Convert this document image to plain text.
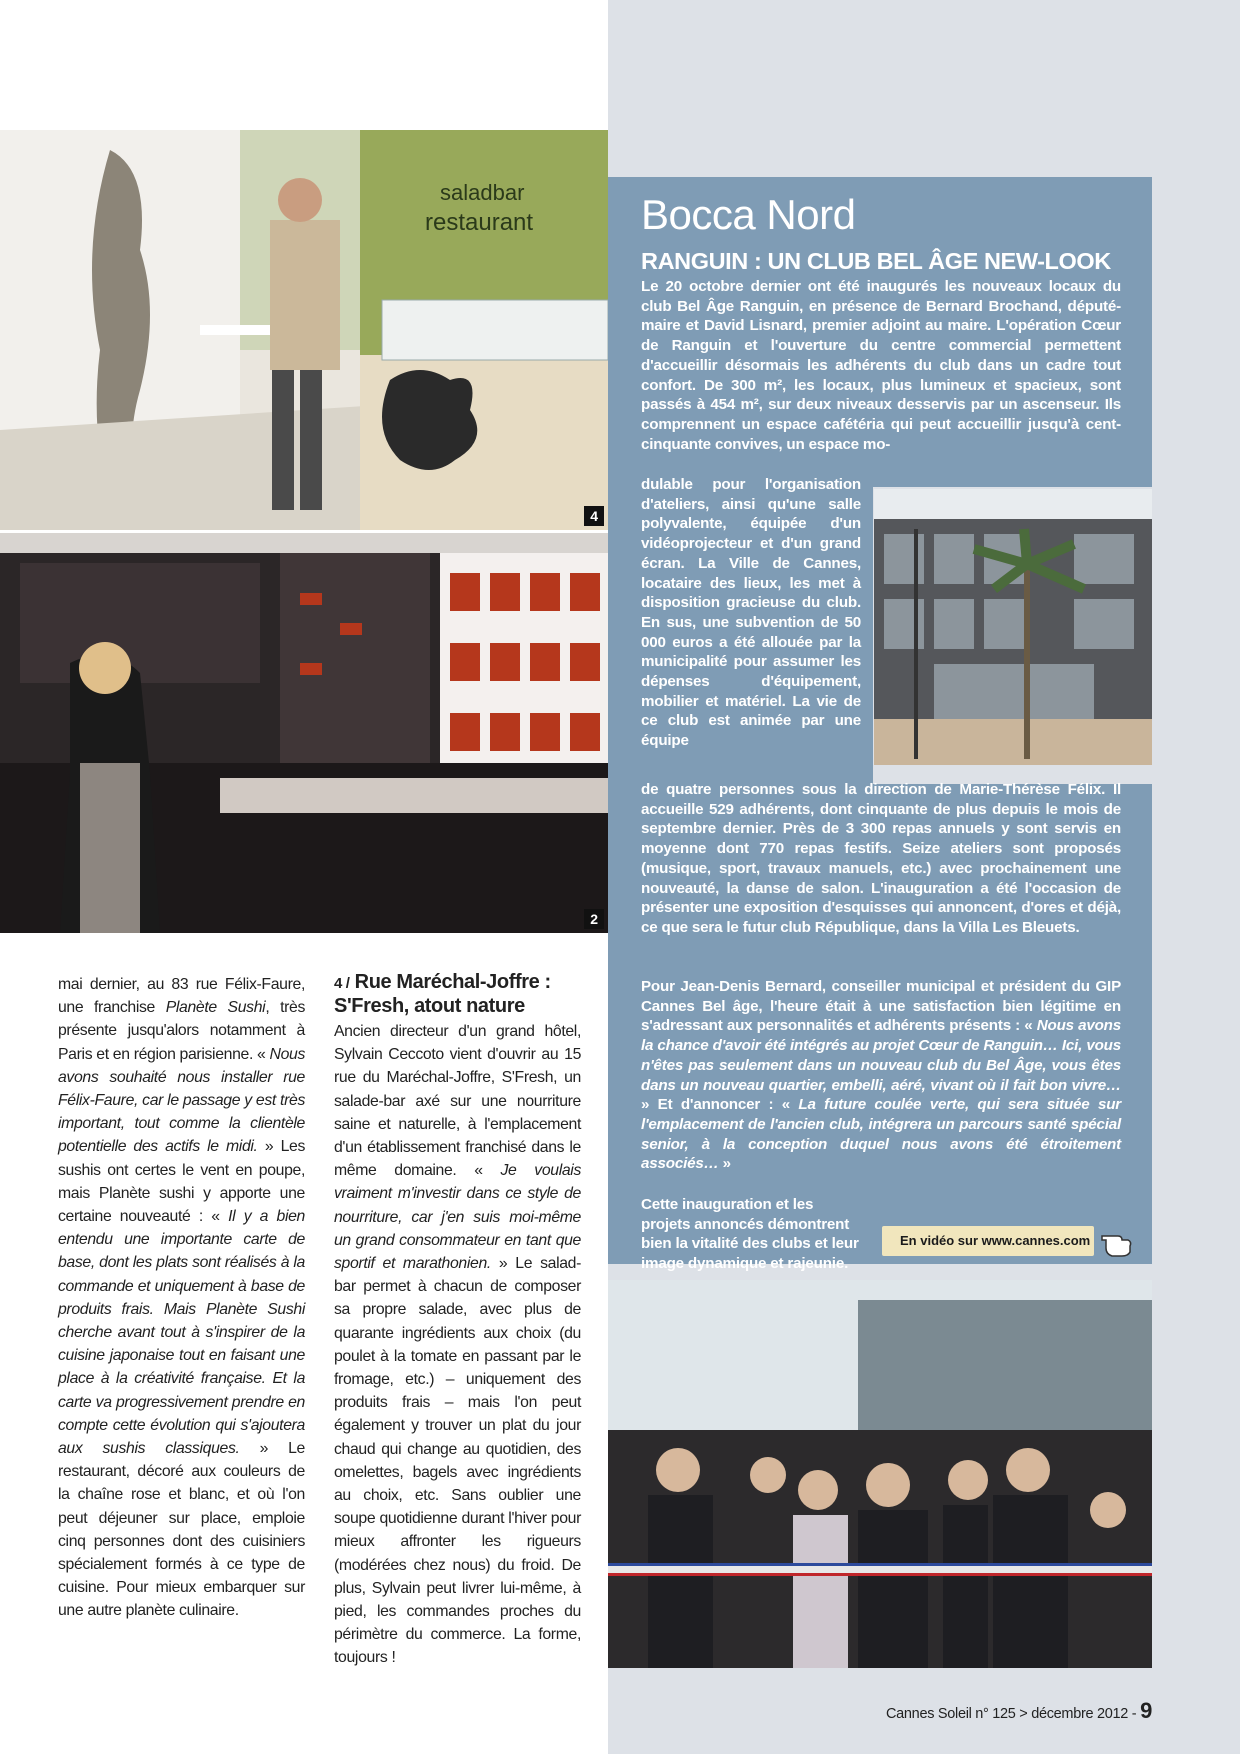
saladbar
restaurant
4
2
Bocca Nord
RANGUIN : UN CLUB BEL ÂGE NEW-LOOK

Le 20 octobre dernier ont été inaugurés les nouveaux locaux du club Bel Âge Ranguin, en présence de Bernard Brochand, député-maire et David Lisnard, premier adjoint au maire. L'opération Cœur de Ranguin et l'ouverture du centre commercial permettent d'accueillir désormais les adhérents du club dans un cadre tout confort. De 300 m², les locaux, plus lumineux et spacieux, sont passés à 454 m², sur deux niveaux desservis par un ascenseur. Ils comprennent un espace cafétéria qui peut accueillir jusqu'à cent-cinquante convives, un espace mo-

dulable pour l'organisation d'ateliers, ainsi qu'une salle polyvalente, équipée d'un vidéoprojecteur et d'un grand écran. La Ville de Cannes, locataire des lieux, les met à disposition gracieuse du club. En sus, une subvention de 50 000 euros a été allouée par la municipalité pour assumer les dépenses d'équipement, mobilier et matériel. La vie de ce club est animée par une équipe

de quatre personnes sous la direction de Marie-Thérèse Félix. Il accueille 529 adhérents, dont cinquante de plus depuis le mois de septembre dernier. Près de 3 300 repas annuels y sont servis en moyenne dont 770 repas festifs. Seize ateliers sont proposés (musique, sport, travaux manuels, etc.) avec prochainement une nouveauté, la danse de salon. L'inauguration a été l'occasion de présenter une exposition d'esquisses qui annoncent, d'ores et déjà, ce que sera le futur club République, dans la Villa Les Bleuets.

Pour Jean-Denis Bernard, conseiller municipal et président du GIP Cannes Bel âge, l'heure était à une satisfaction bien légitime en s'adressant aux personnalités et adhérents présents : « Nous avons la chance d'avoir été intégrés au projet Cœur de Ranguin… Ici, vous n'êtes pas seulement dans un nouveau club du Bel Âge, vous êtes dans un nouveau quartier, embelli, aéré, vivant où il fait bon vivre… » Et d'annoncer : « La future coulée verte, qui sera située sur l'emplacement de l'ancien club, intégrera un parcours santé spécial senior, à la conception duquel nous avons été étroitement associés… »

Cette inauguration et les projets annoncés démontrent bien la vitalité des clubs et leur image dynamique et rajeunie.

En vidéo sur www.cannes.com

mai dernier, au 83 rue Félix-Faure, une franchise Planète Sushi, très présente jusqu'alors notamment à Paris et en région parisienne. « Nous avons souhaité nous installer rue Félix-Faure, car le passage y est très important, tout comme la clientèle potentielle des actifs le midi. » Les sushis ont certes le vent en poupe, mais Planète sushi y apporte une certaine nouveauté : « Il y a bien entendu une importante carte de base, dont les plats sont réalisés à la commande et uniquement à base de produits frais. Mais Planète Sushi cherche avant tout à s'inspirer de la cuisine japonaise tout en faisant une place à la créativité française. Et la carte va progressivement prendre en compte cette évolution qui s'ajoutera aux sushis classiques. » Le restaurant, décoré aux couleurs de la chaîne rose et blanc, et où l'on peut déjeuner sur place, emploie cinq personnes dont des cuisiniers spécialement formés à ce type de cuisine. Pour mieux embarquer sur une autre planète culinaire.

4 / Rue Maréchal-Joffre : S'Fresh, atout nature

Ancien directeur d'un grand hôtel, Sylvain Ceccoto vient d'ouvrir au 15 rue du Maréchal-Joffre, S'Fresh, un salade-bar axé sur une nourriture saine et naturelle, à l'emplacement d'un établissement franchisé dans le même domaine. « Je voulais vraiment m'investir dans ce style de nourriture, car j'en suis moi-même un grand consommateur en tant que sportif et marathonien. » Le salad-bar permet à chacun de composer sa propre salade, avec plus de quarante ingrédients aux choix (du poulet à la tomate en passant par le fromage, etc.) – uniquement des produits frais – mais l'on peut également y trouver un plat du jour chaud qui change au quotidien, des omelettes, bagels avec ingrédients au choix, etc. Sans oublier une soupe quotidienne durant l'hiver pour mieux affronter les rigueurs (modérées chez nous) du froid. De plus, Sylvain peut livrer lui-même, à pied, les commandes proches du périmètre du commerce. La forme, toujours !

Cannes Soleil n° 125 > décembre 2012 - 9
